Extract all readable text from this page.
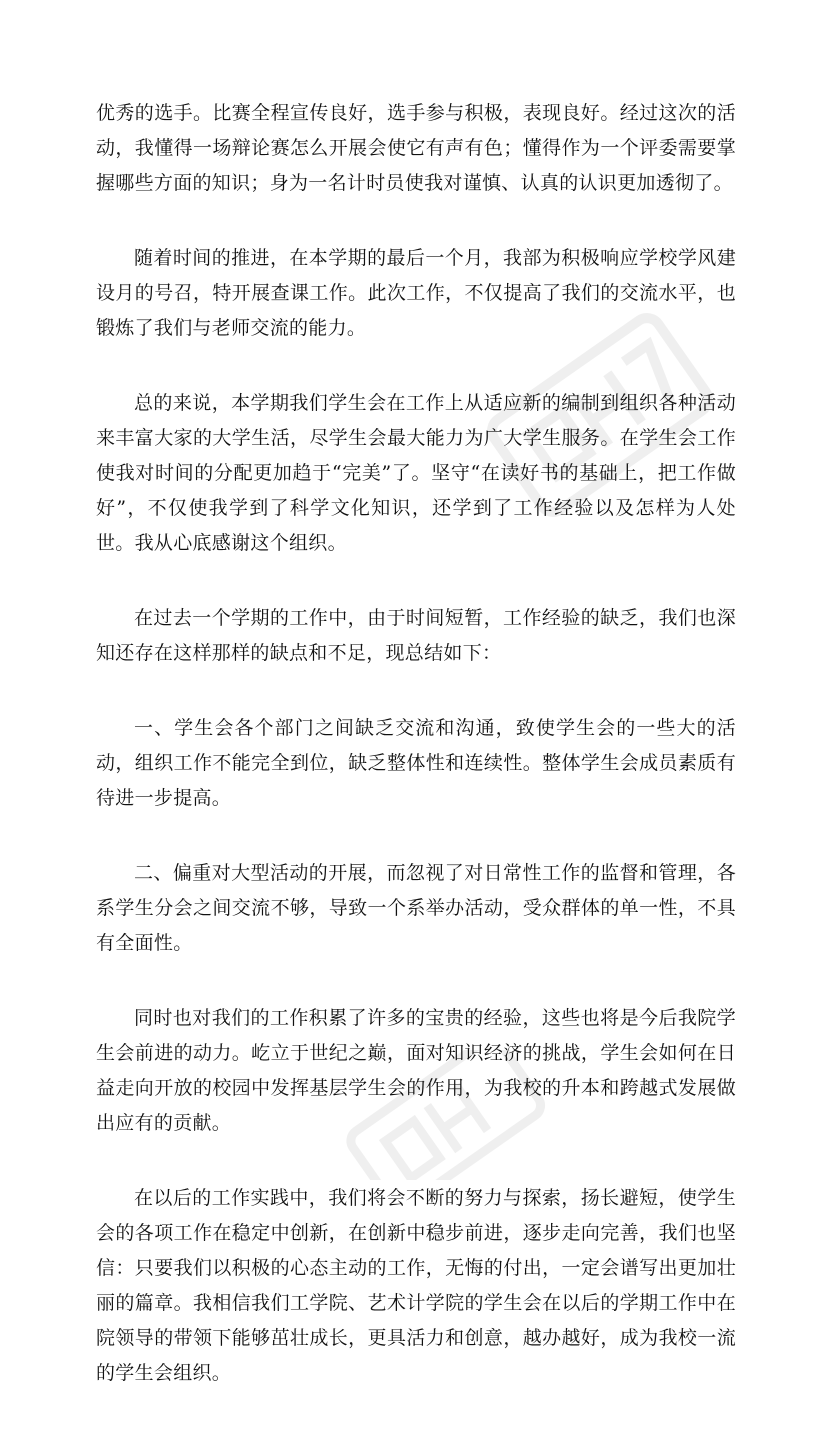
优秀的选手。比赛全程宣传良好，选手参与积极，表现良好。经过这次的活动，我懂得一场辩论赛怎么开展会使它有声有色；懂得作为一个评委需要掌握哪些方面的知识；身为一名计时员使我对谨慎、认真的认识更加透彻了。

随着时间的推进，在本学期的最后一个月，我部为积极响应学校学风建设月的号召，特开展查课工作。此次工作，不仅提高了我们的交流水平，也锻炼了我们与老师交流的能力。

总的来说，本学期我们学生会在工作上从适应新的编制到组织各种活动来丰富大家的大学生活，尽学生会最大能力为广大学生服务。在学生会工作使我对时间的分配更加趋于“完美”了。坚守“在读好书的基础上，把工作做好”，不仅使我学到了科学文化知识，还学到了工作经验以及怎样为人处世。我从心底感谢这个组织。

在过去一个学期的工作中，由于时间短暂，工作经验的缺乏，我们也深知还存在这样那样的缺点和不足，现总结如下：

一、学生会各个部门之间缺乏交流和沟通，致使学生会的一些大的活动，组织工作不能完全到位，缺乏整体性和连续性。整体学生会成员素质有待进一步提高。

二、偏重对大型活动的开展，而忽视了对日常性工作的监督和管理，各系学生分会之间交流不够，导致一个系举办活动，受众群体的单一性，不具有全面性。

同时也对我们的工作积累了许多的宝贵的经验，这些也将是今后我院学生会前进的动力。屹立于世纪之巅，面对知识经济的挑战，学生会如何在日益走向开放的校园中发挥基层学生会的作用，为我校的升本和跨越式发展做出应有的贡献。

在以后的工作实践中，我们将会不断的努力与探索，扬长避短，使学生会的各项工作在稳定中创新，在创新中稳步前进，逐步走向完善，我们也坚信：只要我们以积极的心态主动的工作，无悔的付出，一定会谱写出更加壮丽的篇章。我相信我们工学院、艺术计学院的学生会在以后的学期工作中在院领导的带领下能够茁壮成长，更具活力和创意，越办越好，成为我校一流的学生会组织。
